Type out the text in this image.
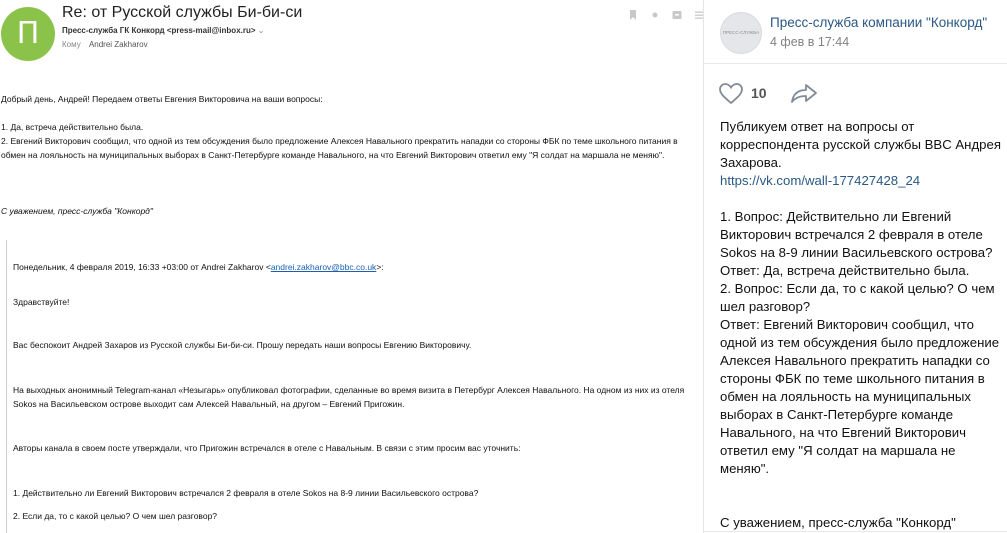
П
Re: от Русской службы Би-би-си
Пресс-служба ГК Конкорд <press-mail@inbox.ru> ⌄
Кому Andrei Zakharov

Добрый день, Андрей! Передаем ответы Евгения Викторовича на ваши вопросы:

1. Да, встреча действительно была.

2. Евгений Викторович сообщил, что одной из тем обсуждения было предложение Алексея Навального прекратить нападки со стороны ФБК по теме школьного питания в

обмен на лояльность на муниципальных выборах в Санкт-Петербурге команде Навального, на что Евгений Викторович ответил ему "Я солдат на маршала не меняю".

С уважением, пресс-служба "Конкорд"

Понедельник, 4 февраля 2019, 16:33 +03:00 от Andrei Zakharov <andrei.zakharov@bbc.co.uk>:

Здравствуйте!

Вас беспокоит Андрей Захаров из Русской службы Би-би-си. Прошу передать наши вопросы Евгению Викторовичу.

На выходных анонимный Telegram-канал «Незыгарь» опубликовал фотографии, сделанные во время визита в Петербург Алексея Навального. На одном из них из отеля

Sokos на Васильевском острове выходит сам Алексей Навальный, на другом – Евгений Пригожин.

Авторы канала в своем посте утверждали, что Пригожин встречался в отеле с Навальным. В связи с этим просим вас уточнить:

1. Действительно ли Евгений Викторович встречался 2 февраля в отеле Sokos на 8-9 линии Васильевского острова?

2. Если да, то с какой целью? О чем шел разговор?

ПРЕСС-СЛУЖБА
Пресс-служба компании "Конкорд"
4 фев в 17:44
10

Публикуем ответ на вопросы от корреспондента русской службы BBC Андрея Захарова.

https://vk.com/wall-177427428_24

1. Вопрос: Действительно ли Евгений Викторович встречался 2 февраля в отеле Sokos на 8-9 линии Васильевского острова?

Ответ: Да, встреча действительно была.

2. Вопрос: Если да, то с какой целью? О чем шел разговор?

Ответ: Евгений Викторович сообщил, что одной из тем обсуждения было предложение Алексея Навального прекратить нападки со стороны ФБК по теме школьного питания в обмен на лояльность на муниципальных выборах в Санкт-Петербурге команде Навального, на что Евгений Викторович ответил ему "Я солдат на маршала не меняю".

С уважением, пресс-служба "Конкорд"
